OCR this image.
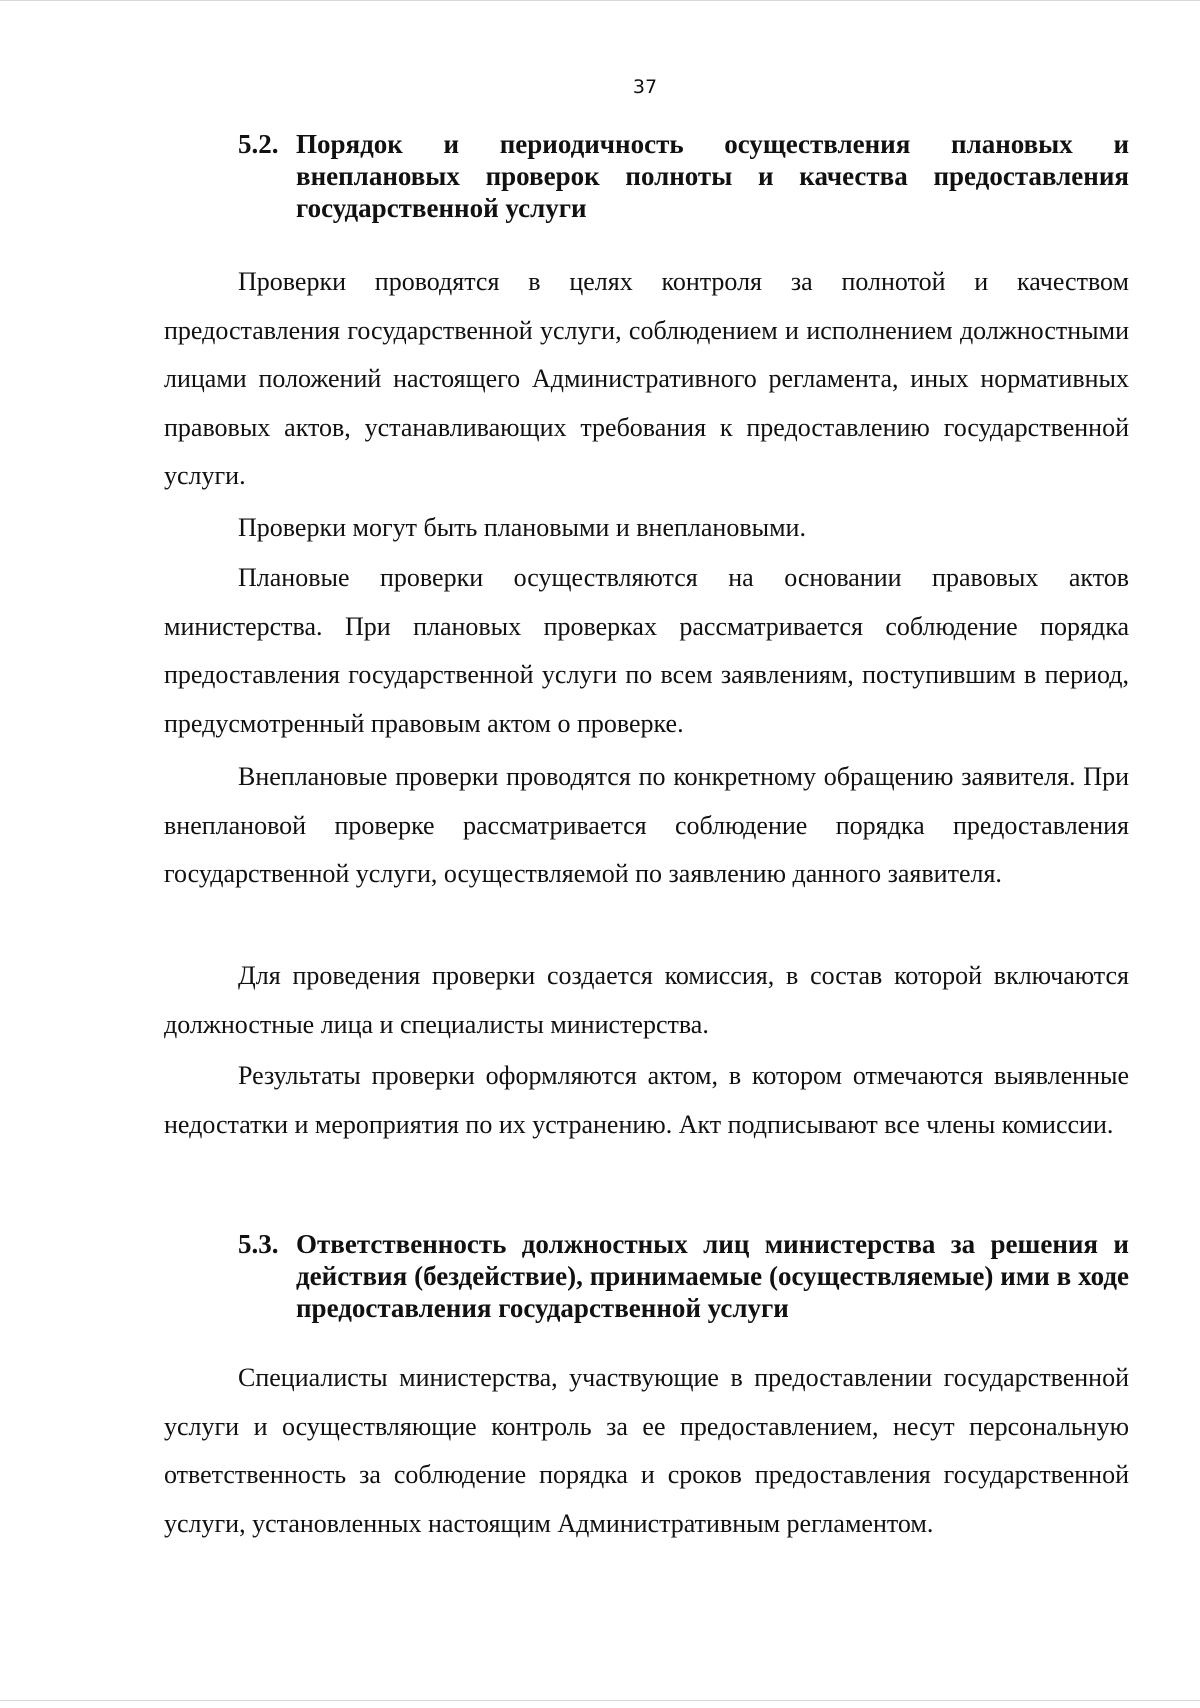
37
5.2. Порядок и периодичность осуществления плановых и внеплановых проверок полноты и качества предоставления государственной услуги

Проверки проводятся в целях контроля за полнотой и качеством предоставления государственной услуги, соблюдением и исполнением должностными лицами положений настоящего Административного регламента, иных нормативных правовых актов, устанавливающих требования к предоставлению государственной услуги.

Проверки могут быть плановыми и внеплановыми.

Плановые проверки осуществляются на основании правовых актов министерства. При плановых проверках рассматривается соблюдение порядка предоставления государственной услуги по всем заявлениям, поступившим в период, предусмотренный правовым актом о проверке.

Внеплановые проверки проводятся по конкретному обращению заявителя. При внеплановой проверке рассматривается соблюдение порядка предоставления государственной услуги, осуществляемой по заявлению данного заявителя.

Для проведения проверки создается комиссия, в состав которой включаются должностные лица и специалисты министерства.

Результаты проверки оформляются актом, в котором отмечаются выявленные недостатки и мероприятия по их устранению. Акт подписывают все члены комиссии.

5.3. Ответственность должностных лиц министерства за решения и действия (бездействие), принимаемые (осуществляемые) ими в ходе предоставления государственной услуги

Специалисты министерства, участвующие в предоставлении государственной услуги и осуществляющие контроль за ее предоставлением, несут персональную ответственность за соблюдение порядка и сроков предоставления государственной услуги, установленных настоящим Административным регламентом.
